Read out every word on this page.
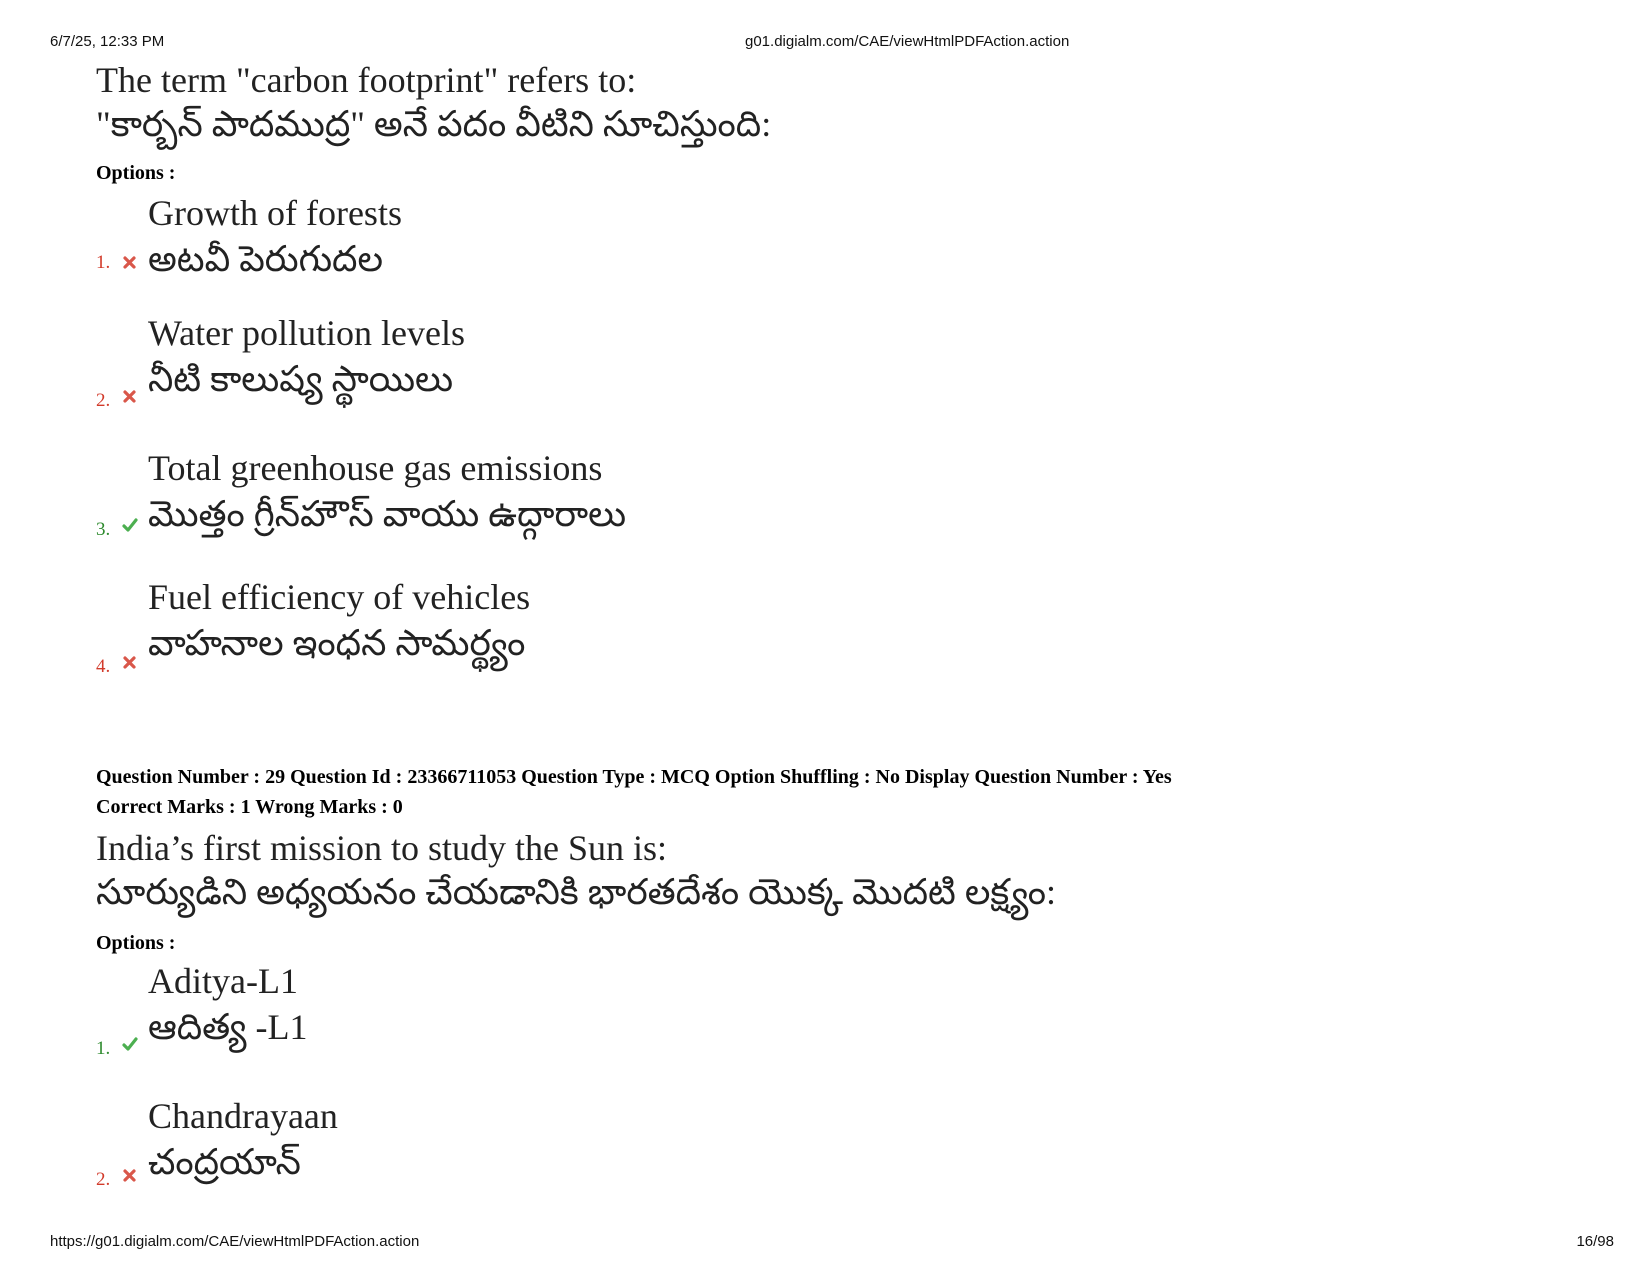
6/7/25, 12:33 PM	g01.digialm.com/CAE/viewHtmlPDFAction.action
The term "carbon footprint" refers to:
"కార్బన్ పాదముద్ర" అనే పదం వీటిని సూచిస్తుంది:
Options :
1.
Growth of forests
అటవీ పెరుగుదల
2.
Water pollution levels
నీటి కాలుష్య స్థాయిలు
3.
Total greenhouse gas emissions
మొత్తం గ్రీన్‌హౌస్ వాయు ఉద్గారాలు
4.
Fuel efficiency of vehicles
వాహనాల ఇంధన సామర్థ్యం
Question Number : 29 Question Id : 23366711053 Question Type : MCQ Option Shuffling : No Display Question Number : Yes
Correct Marks : 1 Wrong Marks : 0
India’s first mission to study the Sun is:
సూర్యుడిని అధ్యయనం చేయడానికి భారతదేశం యొక్క మొదటి లక్ష్యం:
Options :
1.
Aditya-L1
ఆదిత్య -L1
2.
Chandrayaan
చంద్రయాన్
https://g01.digialm.com/CAE/viewHtmlPDFAction.action	16/98
